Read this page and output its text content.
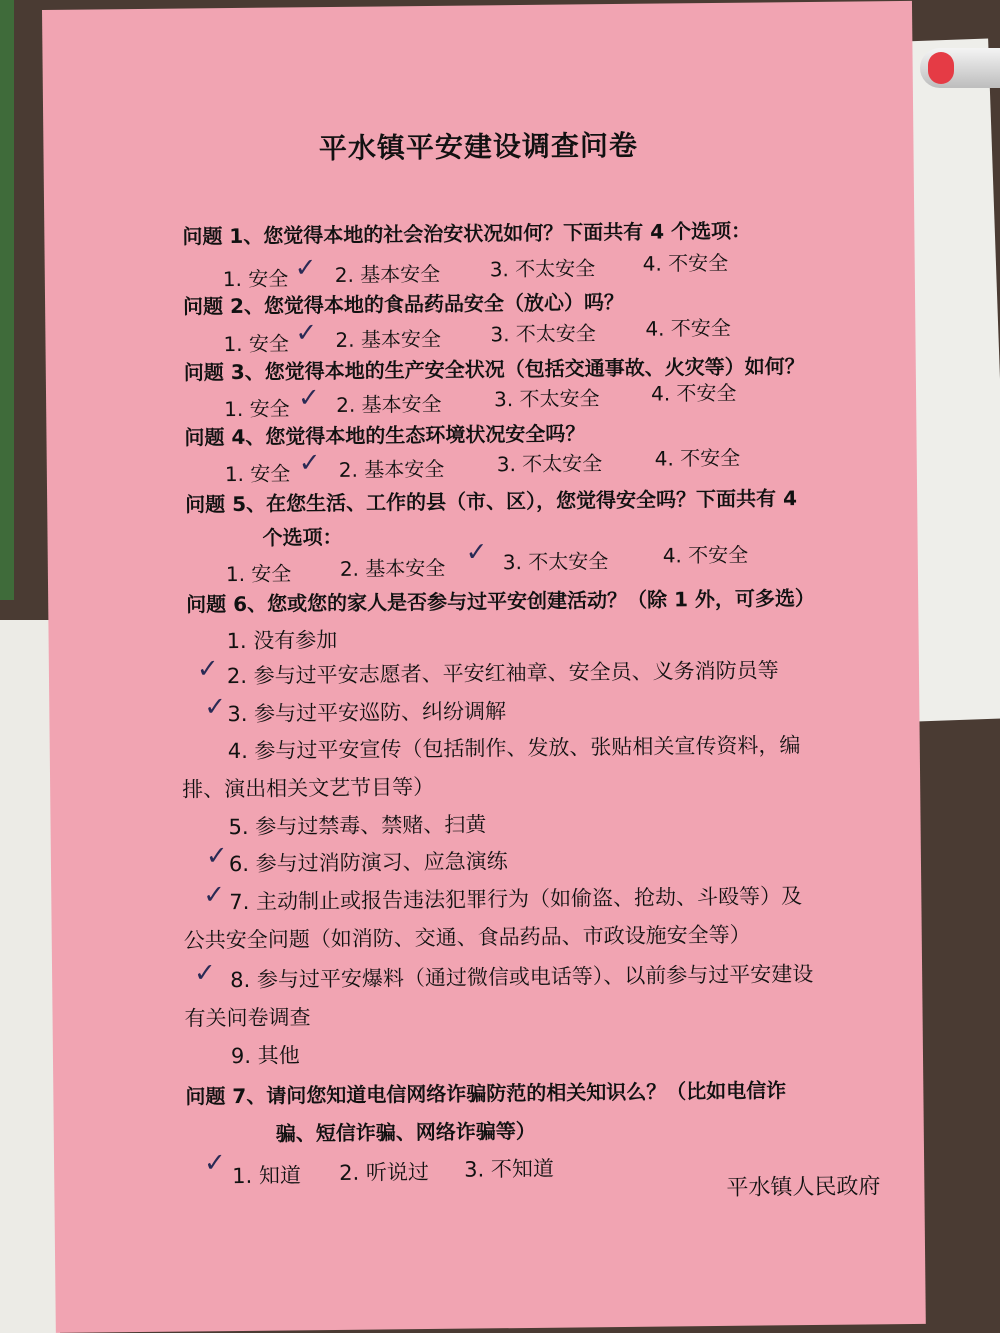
平水镇平安建设调查问卷
问题 1、您觉得本地的社会治安状况如何？下面共有 4 个选项：
1. 安全 ✓ 2. 基本安全 3. 不太安全 4. 不安全
问题 2、您觉得本地的食品药品安全（放心）吗？
1. 安全 ✓ 2. 基本安全 3. 不太安全 4. 不安全
问题 3、您觉得本地的生产安全状况（包括交通事故、火灾等）如何？
1. 安全 ✓ 2. 基本安全	3. 不太安全	4. 不安全
问题 4、您觉得本地的生态环境状况安全吗？
1. 安全 ✓ 2. 基本安全	3. 不太安全	4. 不安全
问题 5、在您生活、工作的县（市、区），您觉得安全吗？下面共有 4
个选项：
1. 安全 2. 基本安全
✓ 3. 不太安全	4. 不安全
问题 6、您或您的家人是否参与过平安创建活动？（除 1 外，可多选）
1. 没有参加
✓ 2. 参与过平安志愿者、平安红袖章、安全员、义务消防员等
✓ 3. 参与过平安巡防、纠纷调解
4. 参与过平安宣传（包括制作、发放、张贴相关宣传资料，编
排、演出相关文艺节目等）
5. 参与过禁毒、禁赌、扫黄
✓ 6. 参与过消防演习、应急演练
✓ 7. 主动制止或报告违法犯罪行为（如偷盗、抢劫、斗殴等）及
公共安全问题（如消防、交通、食品药品、市政设施安全等）
✓ 8. 参与过平安爆料（通过微信或电话等）、以前参与过平安建设
有关问卷调查
9. 其他
问题 7、请问您知道电信网络诈骗防范的相关知识么？（比如电信诈
骗、短信诈骗、网络诈骗等）
✓ 1. 知道 2. 听说过 3. 不知道
平水镇人民政府
